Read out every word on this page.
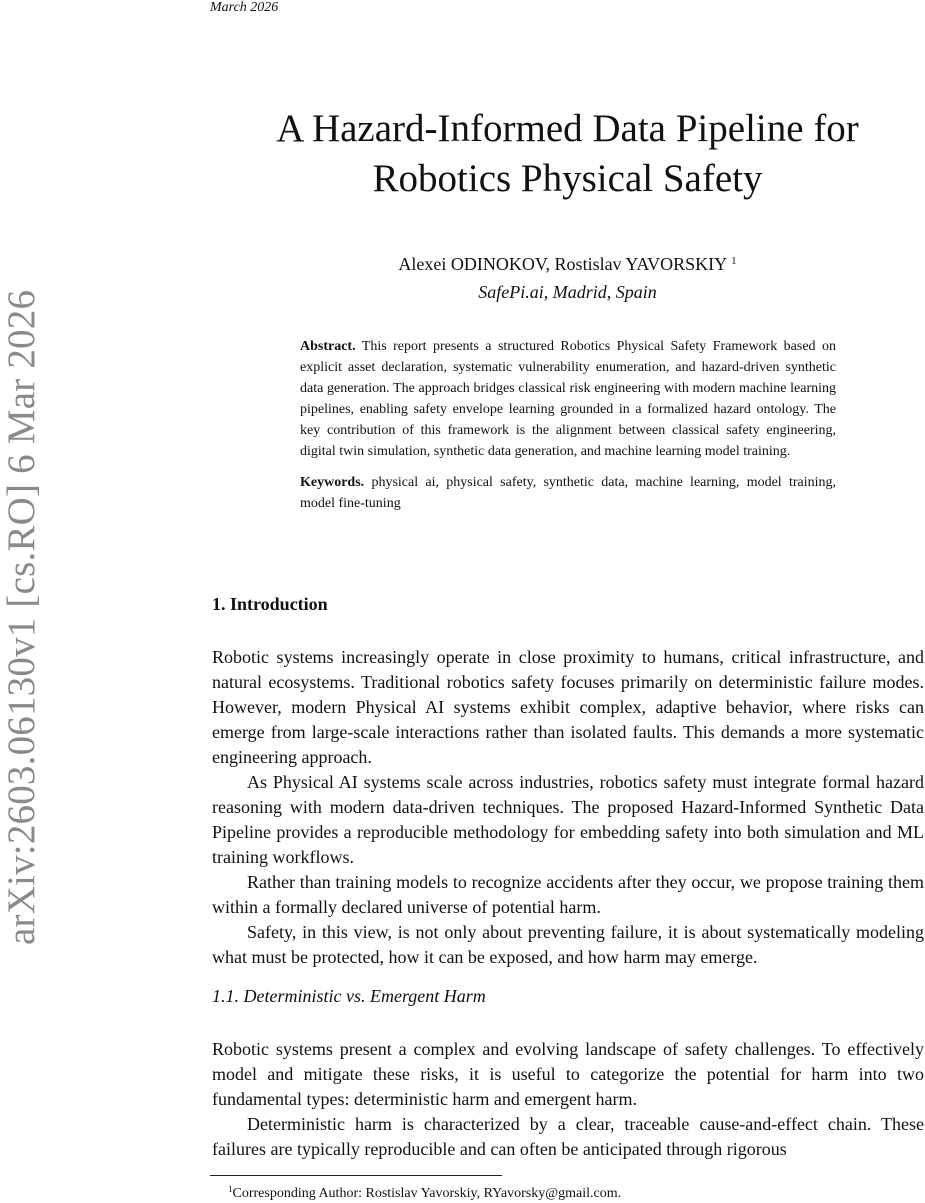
March 2026
arXiv:2603.06130v1 [cs.RO] 6 Mar 2026
A Hazard-Informed Data Pipeline for
Robotics Physical Safety
Alexei ODINOKOV, Rostislav YAVORSKIY $^1$
SafePi.ai, Madrid, Spain

Abstract. This report presents a structured Robotics Physical Safety Framework based on explicit asset declaration, systematic vulnerability enumeration, and hazard-driven synthetic data generation. The approach bridges classical risk engineering with modern machine learning pipelines, enabling safety envelope learning grounded in a formalized hazard ontology. The key contribution of this framework is the alignment between classical safety engineering, digital twin simulation, synthetic data generation, and machine learning model training.

Keywords. physical ai, physical safety, synthetic data, machine learning, model training, model fine-tuning

1. Introduction

Robotic systems increasingly operate in close proximity to humans, critical infrastructure, and natural ecosystems. Traditional robotics safety focuses primarily on deterministic failure modes. However, modern Physical AI systems exhibit complex, adaptive behavior, where risks can emerge from large-scale interactions rather than isolated faults. This demands a more systematic engineering approach.

As Physical AI systems scale across industries, robotics safety must integrate formal hazard reasoning with modern data-driven techniques. The proposed Hazard-Informed Synthetic Data Pipeline provides a reproducible methodology for embedding safety into both simulation and ML training workflows.

Rather than training models to recognize accidents after they occur, we propose training them within a formally declared universe of potential harm.

Safety, in this view, is not only about preventing failure, it is about systematically modeling what must be protected, how it can be exposed, and how harm may emerge.

1.1. Deterministic vs. Emergent Harm

Robotic systems present a complex and evolving landscape of safety challenges. To effectively model and mitigate these risks, it is useful to categorize the potential for harm into two fundamental types: deterministic harm and emergent harm.

Deterministic harm is characterized by a clear, traceable cause-and-effect chain. These failures are typically reproducible and can often be anticipated through rigorous

$^1$Corresponding Author: Rostislav Yavorskiy, RYavorsky@gmail.com.
